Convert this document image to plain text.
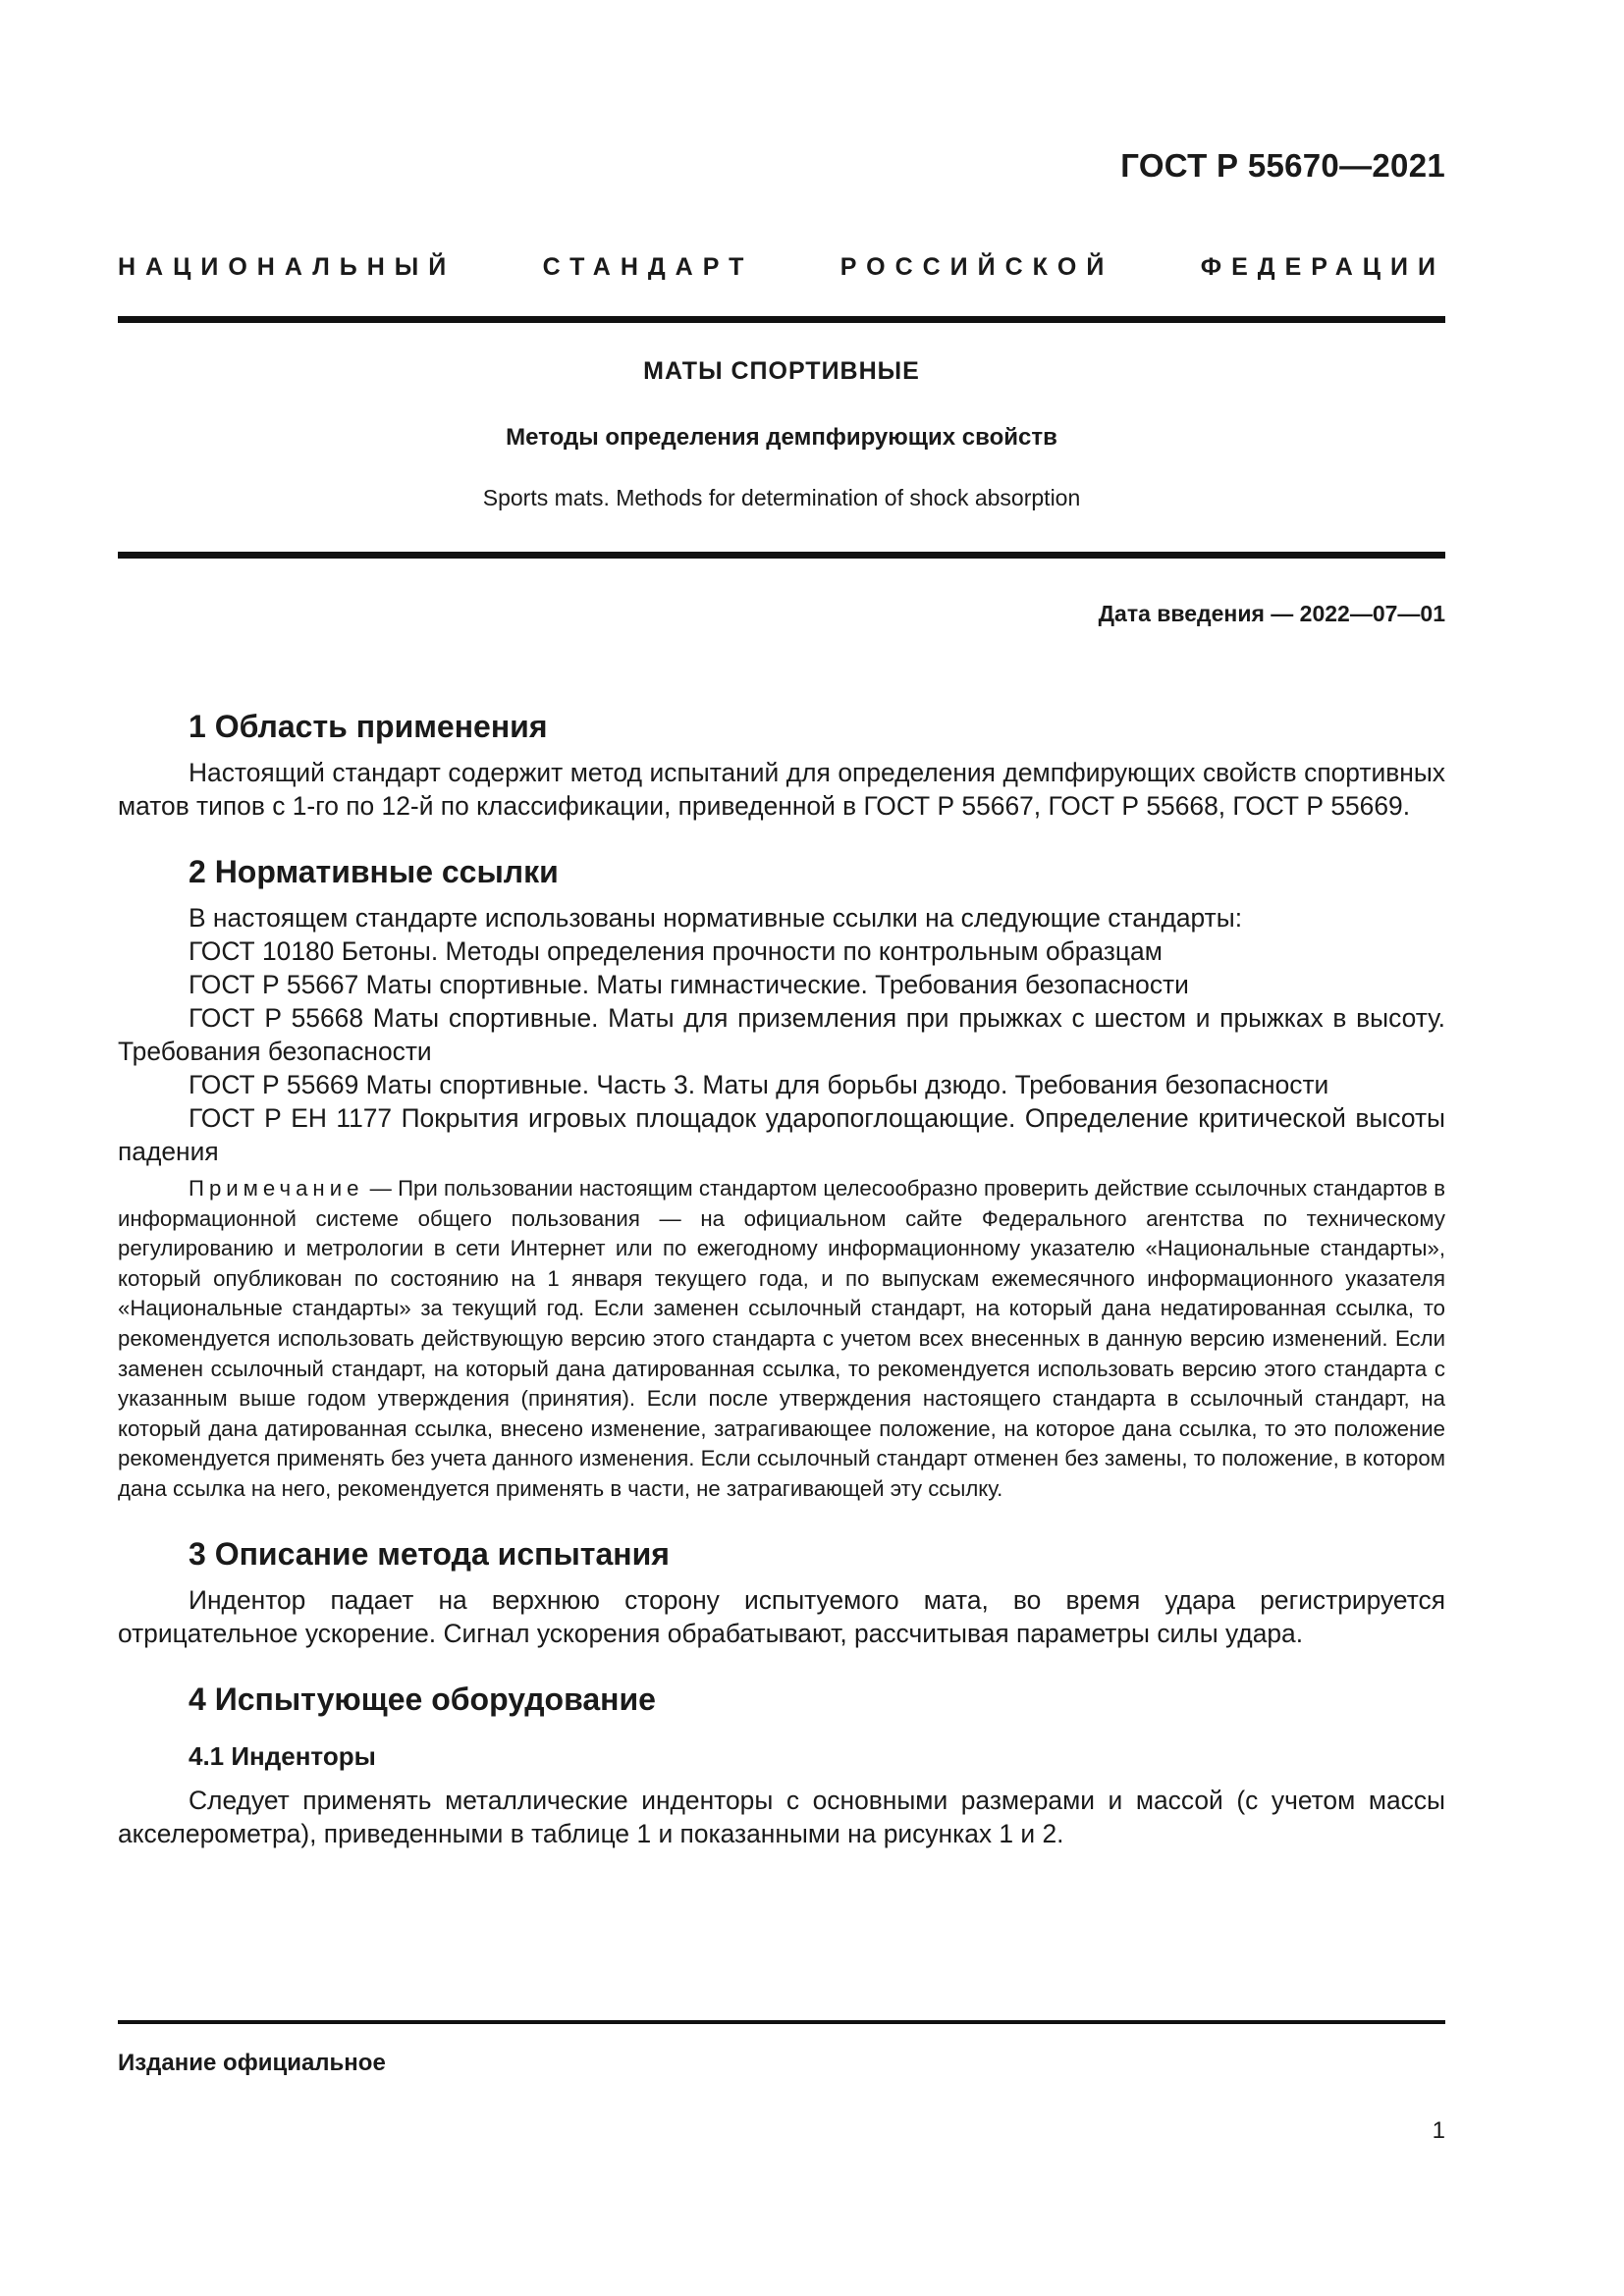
ГОСТ Р 55670—2021
НАЦИОНАЛЬНЫЙ СТАНДАРТ РОССИЙСКОЙ ФЕДЕРАЦИИ
МАТЫ СПОРТИВНЫЕ
Методы определения демпфирующих свойств
Sports mats. Methods for determination of shock absorption
Дата введения — 2022—07—01
1 Область применения

Настоящий стандарт содержит метод испытаний для определения демпфирующих свойств спортивных матов типов с 1-го по 12-й по классификации, приведенной в ГОСТ Р 55667, ГОСТ Р 55668, ГОСТ Р 55669.

2 Нормативные ссылки

В настоящем стандарте использованы нормативные ссылки на следующие стандарты:

ГОСТ 10180 Бетоны. Методы определения прочности по контрольным образцам

ГОСТ Р 55667 Маты спортивные. Маты гимнастические. Требования безопасности

ГОСТ Р 55668 Маты спортивные. Маты для приземления при прыжках с шестом и прыжках в высоту. Требования безопасности

ГОСТ Р 55669 Маты спортивные. Часть 3. Маты для борьбы дзюдо. Требования безопасности

ГОСТ Р ЕН 1177 Покрытия игровых площадок ударопоглощающие. Определение критической высоты падения

Примечание — При пользовании настоящим стандартом целесообразно проверить действие ссылочных стандартов в информационной системе общего пользования — на официальном сайте Федерального агентства по техническому регулированию и метрологии в сети Интернет или по ежегодному информационному указателю «Национальные стандарты», который опубликован по состоянию на 1 января текущего года, и по выпускам ежемесячного информационного указателя «Национальные стандарты» за текущий год. Если заменен ссылочный стандарт, на который дана недатированная ссылка, то рекомендуется использовать действующую версию этого стандарта с учетом всех внесенных в данную версию изменений. Если заменен ссылочный стандарт, на который дана датированная ссылка, то рекомендуется использовать версию этого стандарта с указанным выше годом утверждения (принятия). Если после утверждения настоящего стандарта в ссылочный стандарт, на который дана датированная ссылка, внесено изменение, затрагивающее положение, на которое дана ссылка, то это положение рекомендуется применять без учета данного изменения. Если ссылочный стандарт отменен без замены, то положение, в котором дана ссылка на него, рекомендуется применять в части, не затрагивающей эту ссылку.

3 Описание метода испытания

Индентор падает на верхнюю сторону испытуемого мата, во время удара регистрируется отрицательное ускорение. Сигнал ускорения обрабатывают, рассчитывая параметры силы удара.

4 Испытующее оборудование
4.1 Инденторы

Следует применять металлические инденторы с основными размерами и массой (с учетом массы акселерометра), приведенными в таблице 1 и показанными на рисунках 1 и 2.

Издание официальное
1
